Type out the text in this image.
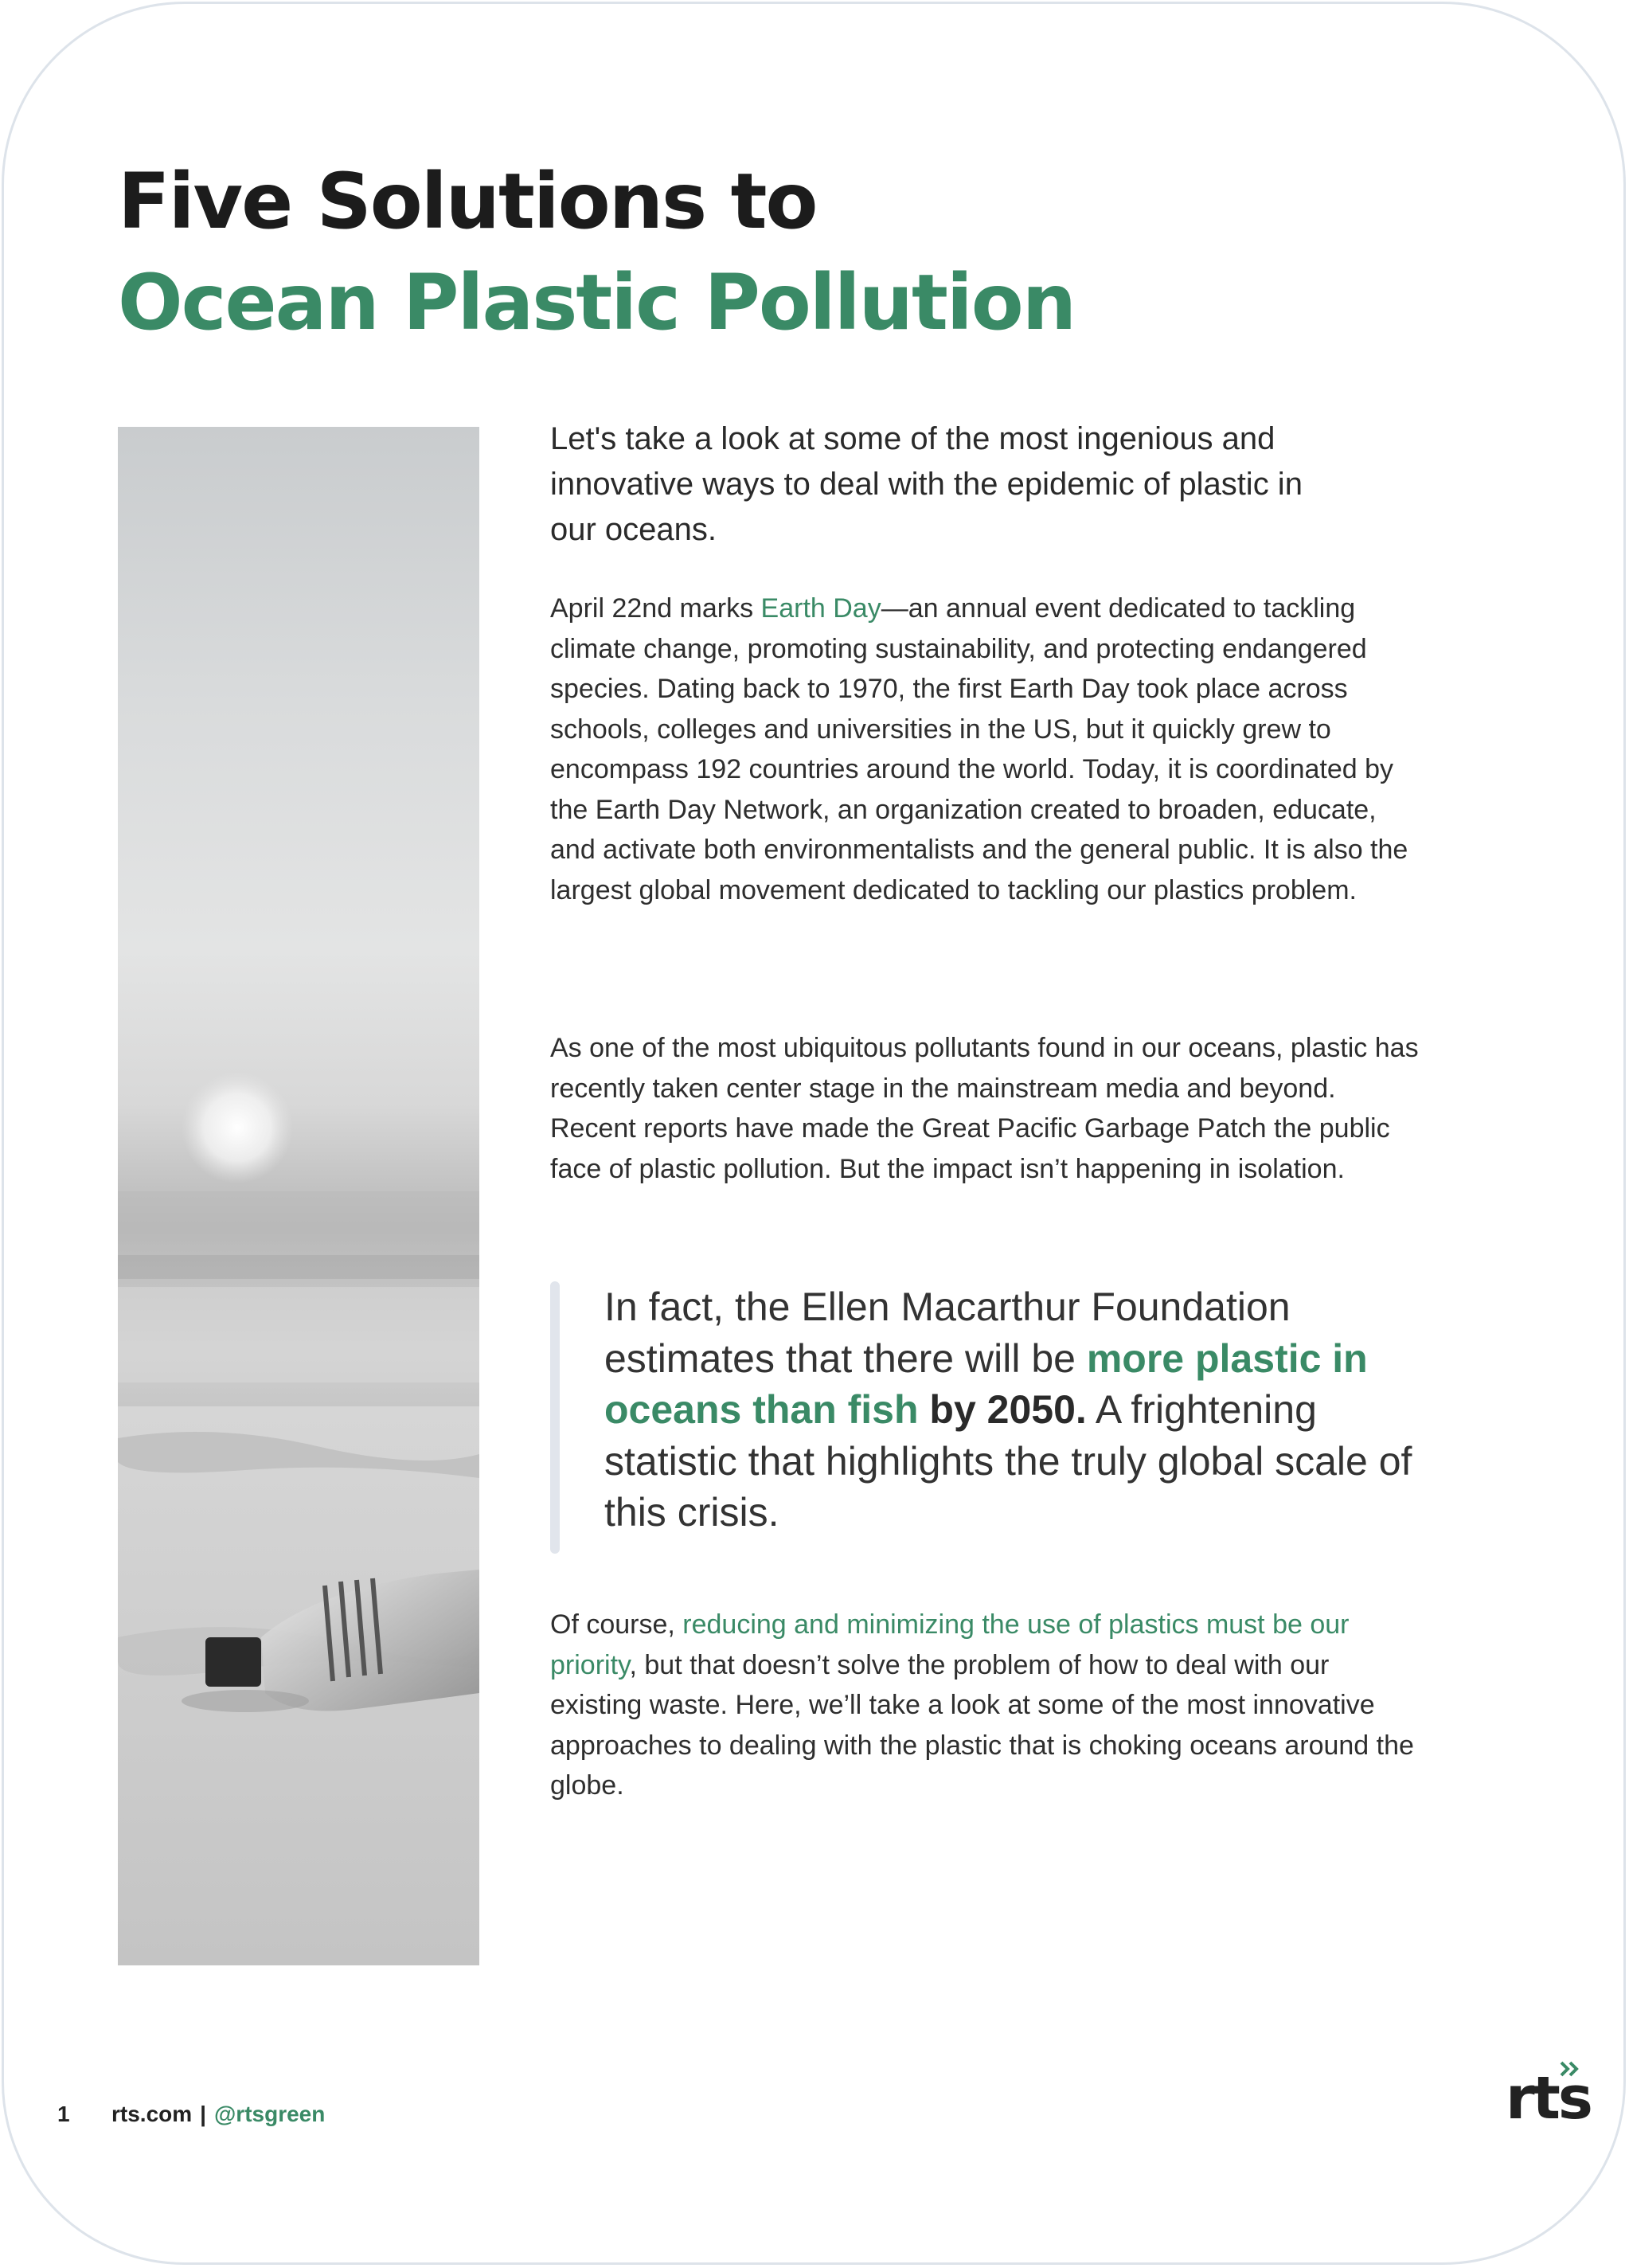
Five Solutions to
Ocean Plastic Pollution

Let's take a look at some of the most ingenious and innovative ways to deal with the epidemic of plastic in our oceans.

April 22nd marks Earth Day—an annual event dedicated to tackling climate change, promoting sustainability, and protecting endangered species. Dating back to 1970, the first Earth Day took place across schools, colleges and universities in the US, but it quickly grew to encompass 192 countries around the world. Today, it is coordinated by the Earth Day Network, an organization created to broaden, educate, and activate both environmentalists and the general public. It is also the largest global movement dedicated to tackling our plastics problem.

As one of the most ubiquitous pollutants found in our oceans, plastic has recently taken center stage in the mainstream media and beyond. Recent reports have made the Great Pacific Garbage Patch the public face of plastic pollution. But the impact isn’t happening in isolation.

In fact, the Ellen Macarthur Foundation estimates that there will be more plastic in oceans than fish by 2050. A frightening statistic that highlights the truly global scale of this crisis.

Of course, reducing and minimizing the use of plastics must be our priority, but that doesn’t solve the problem of how to deal with our existing waste. Here, we’ll take a look at some of the most innovative approaches to dealing with the plastic that is choking oceans around the globe.

1 rts.com | @rtsgreen	rts
